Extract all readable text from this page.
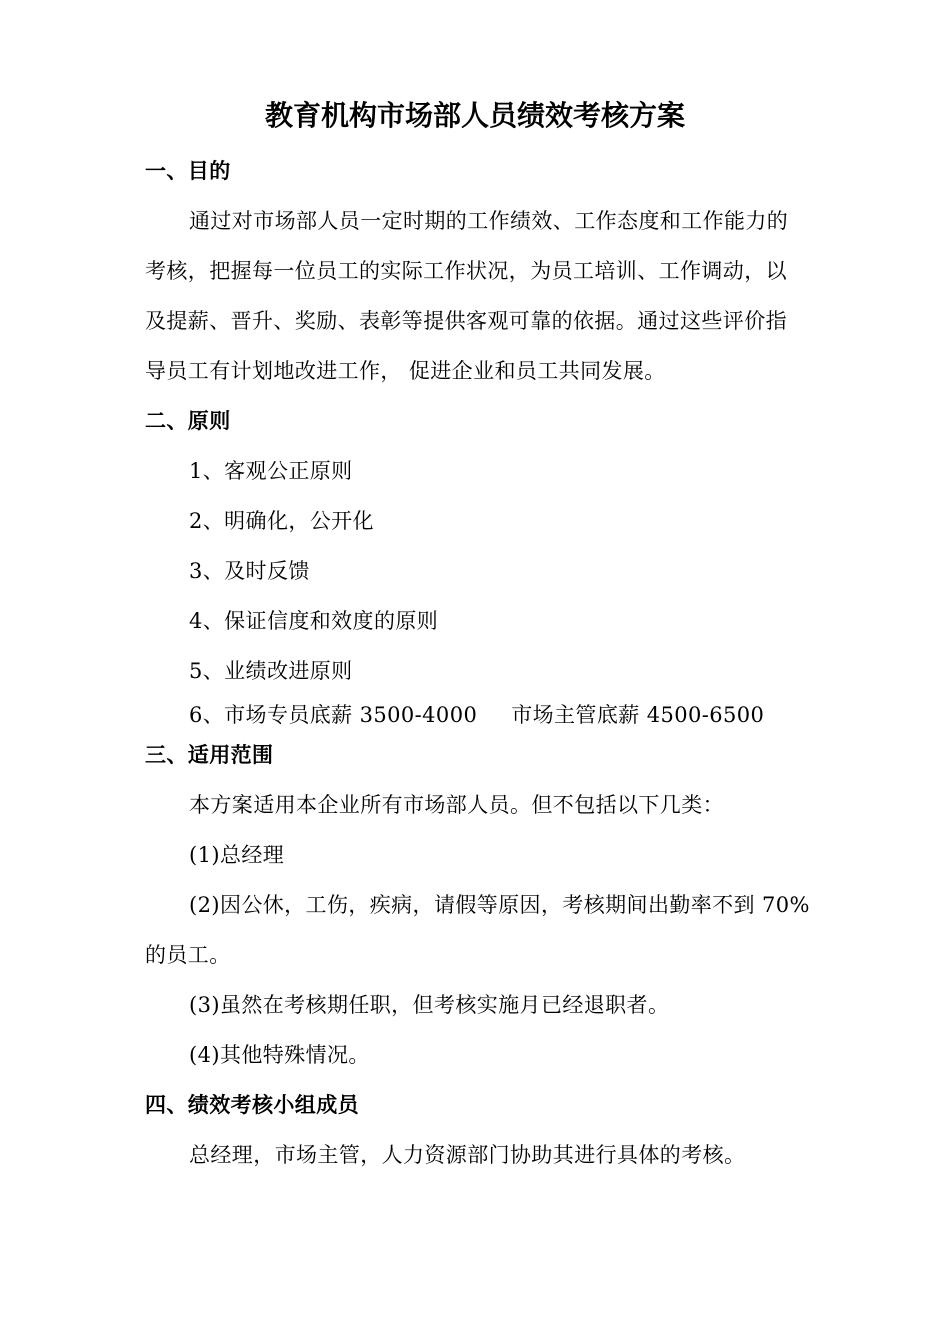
教育机构市场部人员绩效考核方案
一、目的
通过对市场部人员一定时期的工作绩效、工作态度和工作能力的
考核，把握每一位员工的实际工作状况，为员工培训、工作调动，以
及提薪、晋升、奖励、表彰等提供客观可靠的依据。通过这些评价指
导员工有计划地改进工作， 促进企业和员工共同发展。
二、原则
1、客观公正原则
2、明确化，公开化
3、及时反馈
4、保证信度和效度的原则
5、业绩改进原则
6、市场专员底薪 3500-4000 市场主管底薪 4500-6500
三、适用范围
本方案适用本企业所有市场部人员。但不包括以下几类：
(1)总经理
(2)因公休，工伤，疾病，请假等原因，考核期间出勤率不到 70%
的员工。
(3)虽然在考核期任职，但考核实施月已经退职者。
(4)其他特殊情况。
四、绩效考核小组成员
总经理，市场主管，人力资源部门协助其进行具体的考核。
